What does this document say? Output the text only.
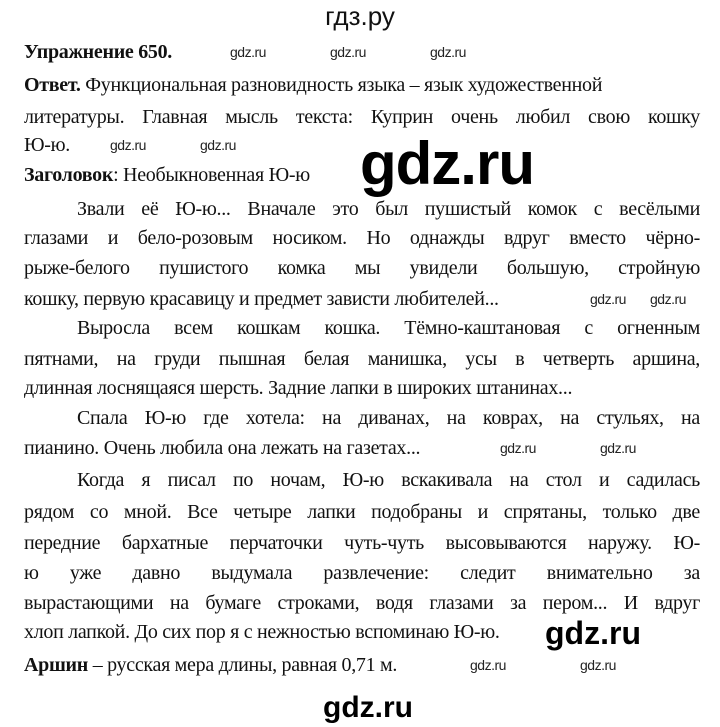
гдз.ру
Упражнение 650.
Ответ. Функциональная разновидность языка – язык художественной
литературы. Главная мысль текста: Куприн очень любил свою кошку
Ю-ю.
Заголовок: Необыкновенная Ю-ю
Звали её Ю-ю... Вначале это был пушистый комок с весёлыми
глазами и бело-розовым носиком. Но однажды вдруг вместо чёрно-
рыже-белого пушистого комка мы увидели большую, стройную
кошку, первую красавицу и предмет зависти любителей...
Выросла всем кошкам кошка. Тёмно-каштановая с огненным
пятнами, на груди пышная белая манишка, усы в четверть аршина,
длинная лоснящаяся шерсть. Задние лапки в широких штанинах...
Спала Ю-ю где хотела: на диванах, на коврах, на стульях, на
пианино. Очень любила она лежать на газетах...
Когда я писал по ночам, Ю-ю вскакивала на стол и садилась
рядом со мной. Все четыре лапки подобраны и спрятаны, только две
передние бархатные перчаточки чуть-чуть высовываются наружу. Ю-
ю уже давно выдумала развлечение: следит внимательно за
вырастающими на бумаге строками, водя глазами за пером... И вдруг
хлоп лапкой. До сих пор я с нежностью вспоминаю Ю-ю.
Аршин – русская мера длины, равная 0,71 м.
gdz.ru
gdz.ru
gdz.ru
gdz.ru	gdz.ru
gdz.ru	gdz.ru	gdz.ru
gdz.ru gdz.ru
gdz.ru	gdz.ru
gdz.ru	gdz.ru
